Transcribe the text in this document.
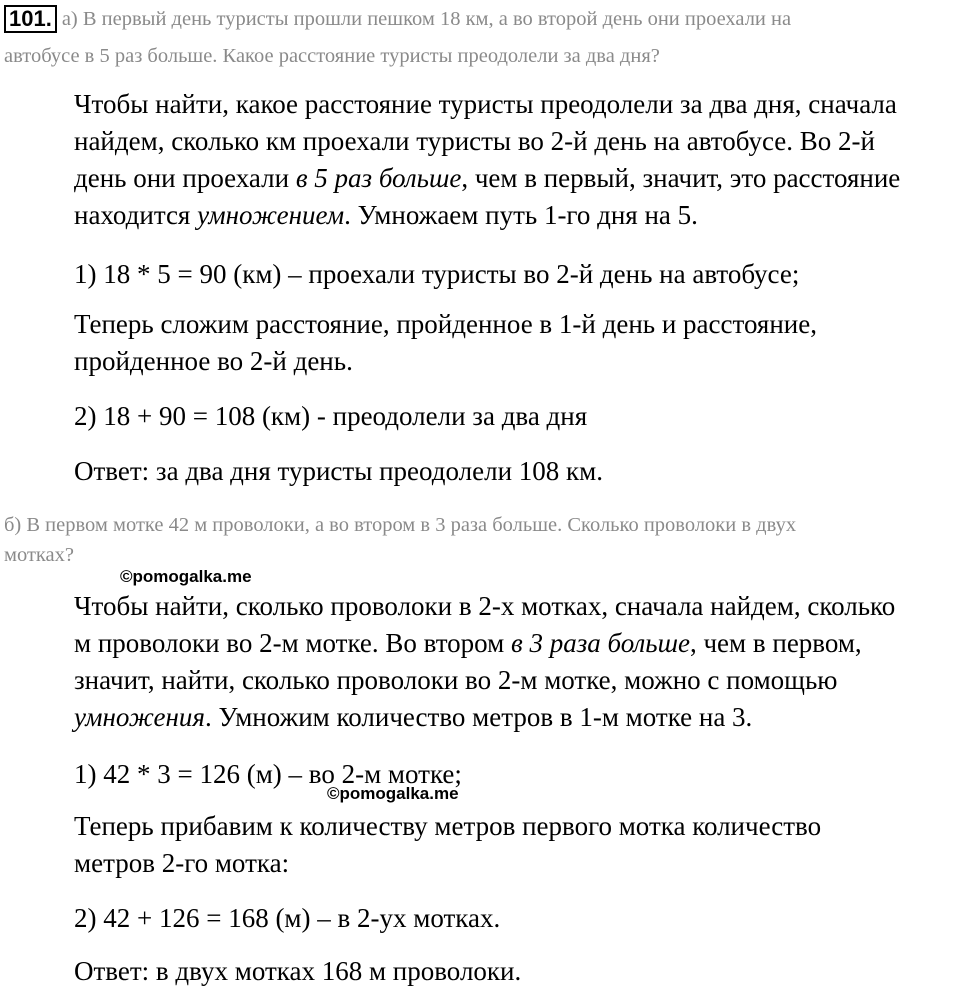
101. а) В первый день туристы прошли пешком 18 км, а во второй день они проехали на
автобусе в 5 раз больше. Какое расстояние туристы преодолели за два дня?
Чтобы найти, какое расстояние туристы преодолели за два дня, сначала
найдем, сколько км проехали туристы во 2-й день на автобусе. Во 2-й
день они проехали в 5 раз больше, чем в первый, значит, это расстояние
находится умножением. Умножаем путь 1-го дня на 5.
1) 18 * 5 = 90 (км) – проехали туристы во 2-й день на автобусе;
Теперь сложим расстояние, пройденное в 1-й день и расстояние,
пройденное во 2-й день.
2) 18 + 90 = 108 (км) - преодолели за два дня
Ответ: за два дня туристы преодолели 108 км.
б) В первом мотке 42 м проволоки, а во втором в 3 раза больше. Сколько проволоки в двух
мотках?
©pomogalka.me
Чтобы найти, сколько проволоки в 2-х мотках, сначала найдем, сколько
м проволоки во 2-м мотке. Во втором в 3 раза больше, чем в первом,
значит, найти, сколько проволоки во 2-м мотке, можно с помощью
умножения. Умножим количество метров в 1-м мотке на 3.
1) 42 * 3 = 126 (м) – во 2-м мотке;
©pomogalka.me
Теперь прибавим к количеству метров первого мотка количество
метров 2-го мотка:
2) 42 + 126 = 168 (м) – в 2-ух мотках.
Ответ: в двух мотках 168 м проволоки.
